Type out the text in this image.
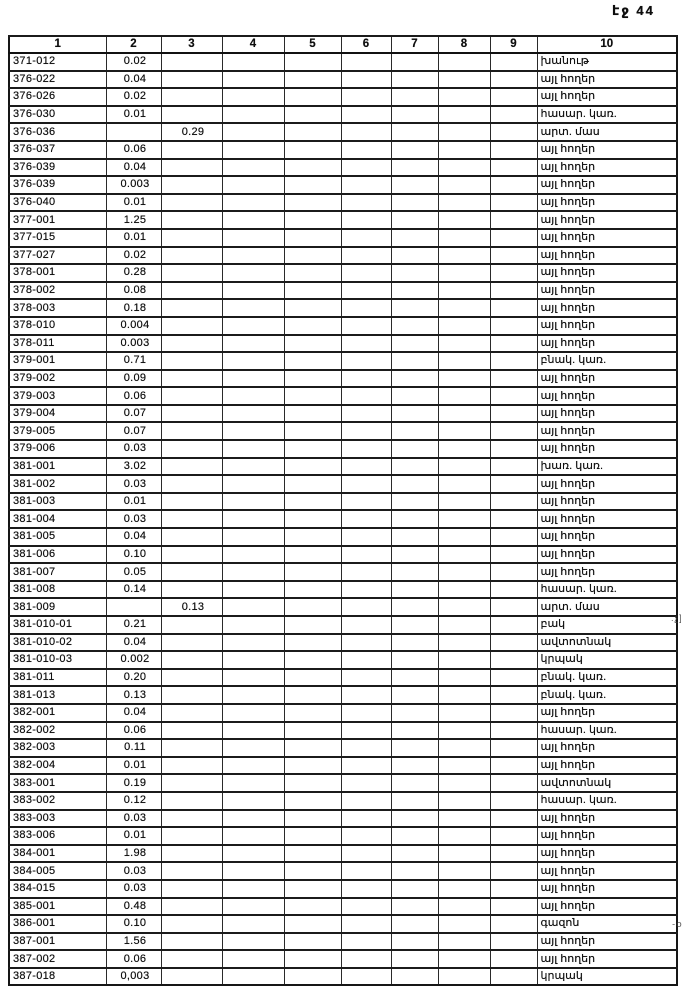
էջ 44
1	2	3	4	5	6	7	8	9	10
371-012	0.02								խանութ
376-022	0.04								այլ հողեր
376-026	0.02								այլ հողեր
376-030	0.01								հասար. կառ.
376-036		0.29							արտ. մաս
376-037	0.06								այլ հողեր
376-039	0.04								այլ հողեր
376-039	0.003								այլ հողեր
376-040	0.01								այլ հողեր
377-001	1.25								այլ հողեր
377-015	0.01								այլ հողեր
377-027	0.02								այլ հողեր
378-001	0.28								այլ հողեր
378-002	0.08								այլ հողեր
378-003	0.18								այլ հողեր
378-010	0.004								այլ հողեր
378-011	0.003								այլ հողեր
379-001	0.71								բնակ. կառ.
379-002	0.09								այլ հողեր
379-003	0.06								այլ հողեր
379-004	0.07								այլ հողեր
379-005	0.07								այլ հողեր
379-006	0.03								այլ հողեր
381-001	3.02								խառ. կառ.
381-002	0.03								այլ հողեր
381-003	0.01								այլ հողեր
381-004	0.03								այլ հողեր
381-005	0.04								այլ հողեր
381-006	0.10								այլ հողեր
381-007	0.05								այլ հողեր
381-008	0.14								հասար. կառ.
381-009		0.13							արտ. մաս
381-010-01	0.21								բակ
381-010-02	0.04								ավտոտնակ
381-010-03	0.002								կրպակ
381-011	0.20								բնակ. կառ.
381-013	0.13								բնակ. կառ.
382-001	0.04								այլ հողեր
382-002	0.06								հասար. կառ.
382-003	0.11								այլ հողեր
382-004	0.01								այլ հողեր
383-001	0.19								ավտոտնակ
383-002	0.12								հասար. կառ.
383-003	0.03								այլ հողեր
383-006	0.01								այլ հողեր
384-001	1.98								այլ հողեր
384-005	0.03								այլ հողեր
384-015	0.03								այլ հողեր
385-001	0.48								այլ հողեր
386-001	0.10								գազոն
387-001	1.56								այլ հողեր
387-002	0.06								այլ հողեր
387-018	0,003								կրպակ
.չ]
֊օ
